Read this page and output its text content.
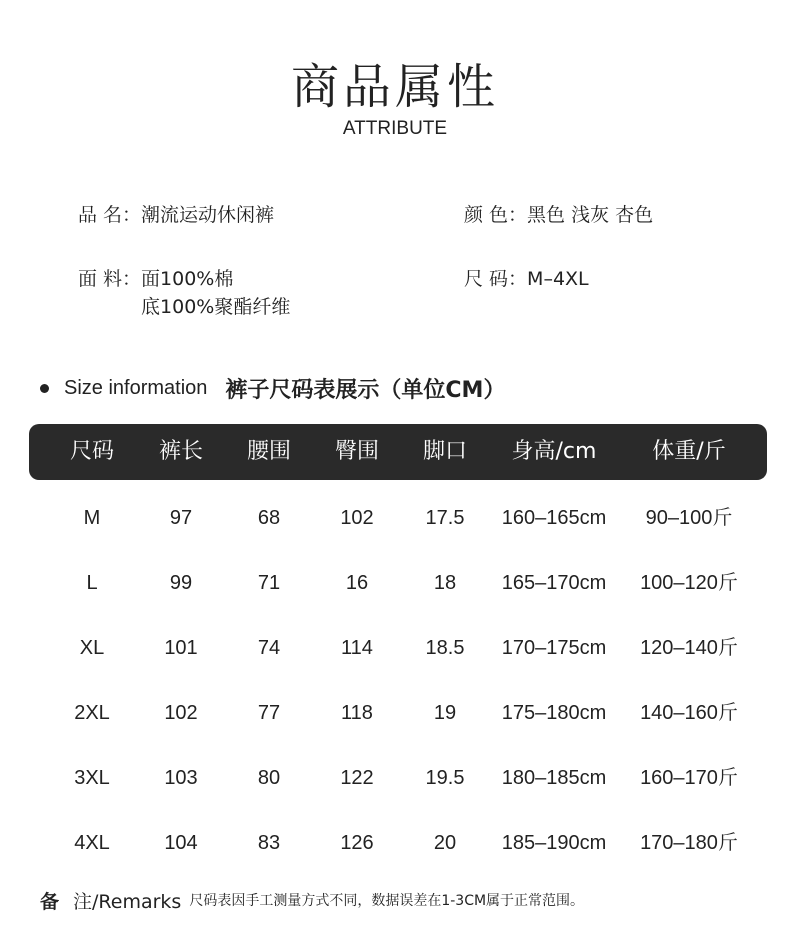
商品属性
ATTRIBUTE
品 名：潮流运动休闲裤	颜 色：黑色 浅灰 杏色
面 料：面100%棉
底100%聚酯纤维
尺 码：M–4XL
Size information 裤子尺码表展示（单位CM）
尺码	裤长	腰围	臀围	脚口	身高/cm	体重/斤
M	97	68	102	17.5	160–165cm	90–100斤
L	99	71	16	18	165–170cm	100–120斤
XL	101	74	114	18.5	170–175cm	120–140斤
2XL	102	77	118	19	175–180cm	140–160斤
3XL	103	80	122	19.5	180–185cm	160–170斤
4XL	104	83	126	20	185–190cm	170–180斤
备 注/Remarks 尺码表因手工测量方式不同，数据误差在1-3CM属于正常范围。
